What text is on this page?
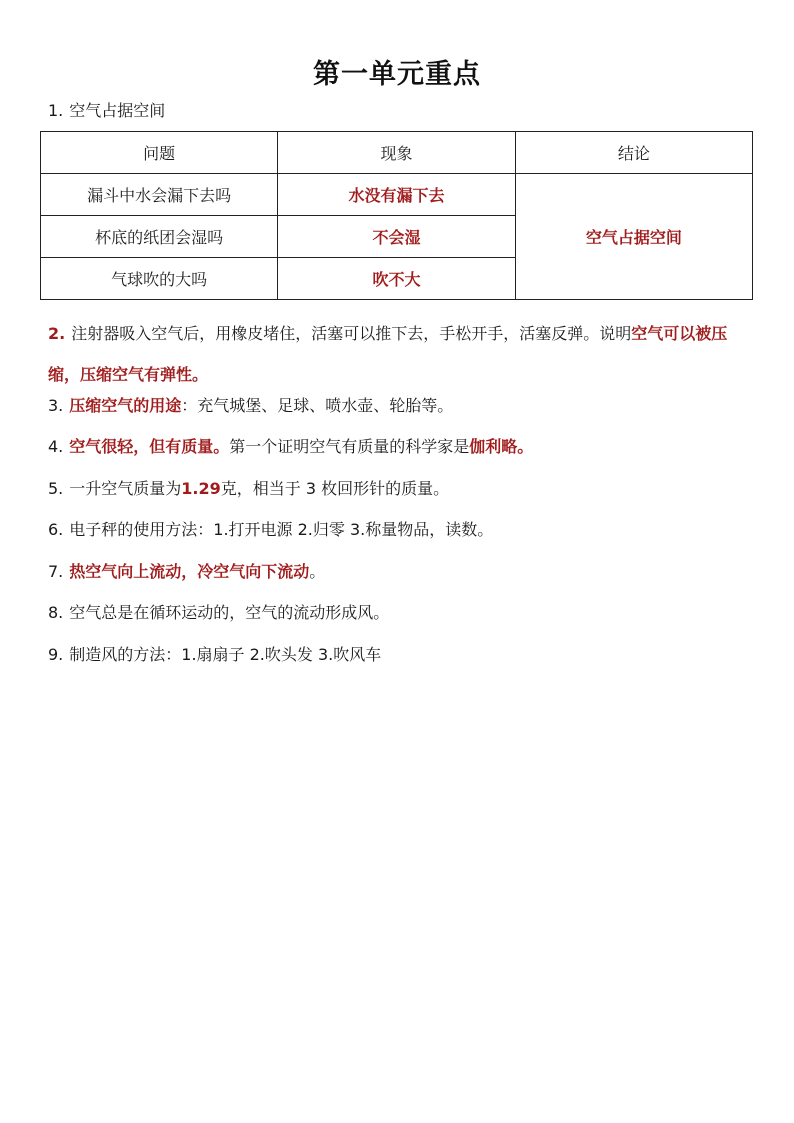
第一单元重点
1. 空气占据空间
问题	现象	结论
漏斗中水会漏下去吗	水没有漏下去	空气占据空间
杯底的纸团会湿吗	不会湿	
气球吹的大吗	吹不大	
2. 注射器吸入空气后，用橡皮堵住，活塞可以推下去，手松开手，活塞反弹。说明空气可以被压缩，压缩空气有弹性。
3. 压缩空气的用途：充气城堡、足球、喷水壶、轮胎等。
4. 空气很轻，但有质量。第一个证明空气有质量的科学家是伽利略。
5. 一升空气质量为1.29克，相当于 3 枚回形针的质量。
6. 电子秤的使用方法：1.打开电源 2.归零 3.称量物品，读数。
7. 热空气向上流动，冷空气向下流动。
8. 空气总是在循环运动的，空气的流动形成风。
9. 制造风的方法：1.扇扇子 2.吹头发 3.吹风车
